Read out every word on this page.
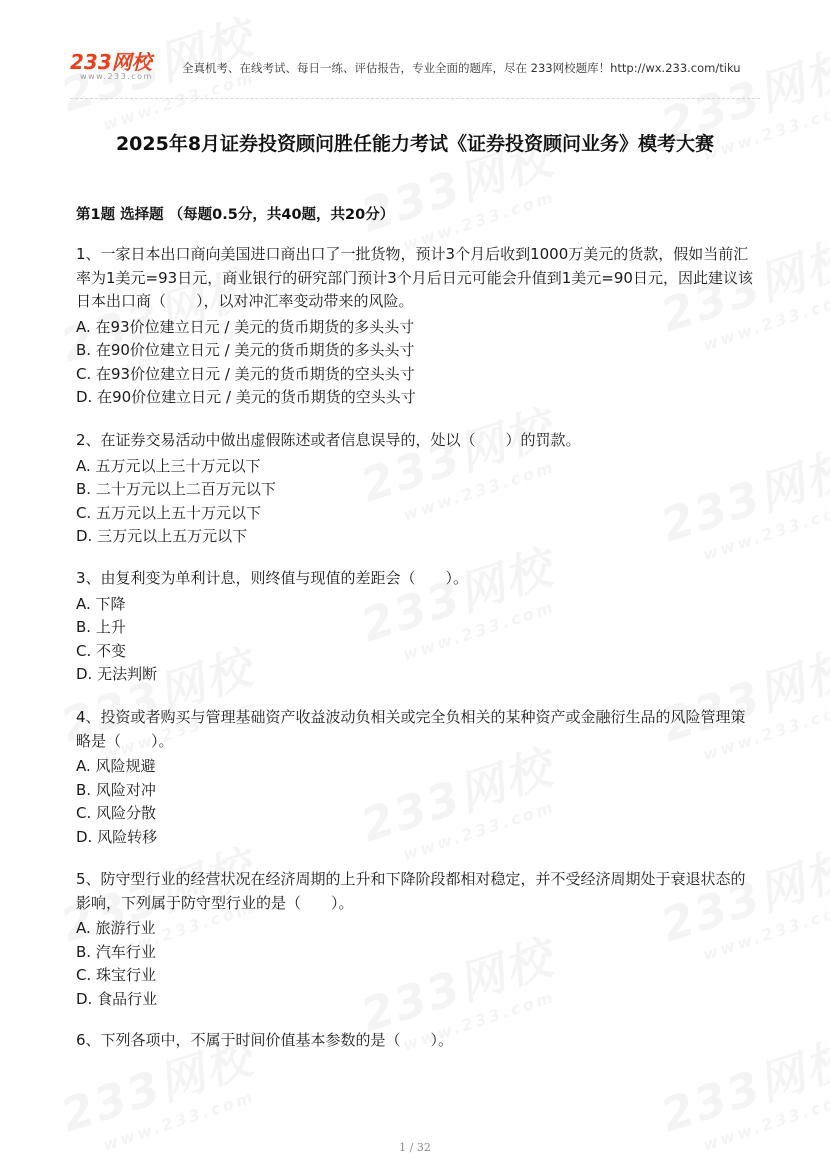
233网校
www.233.com
全真机考、在线考试、每日一练、评估报告，专业全面的题库，尽在 233网校题库！http://wx.233.com/tiku
2025年8月证券投资顾问胜任能力考试《证券投资顾问业务》模考大赛
第1题 选择题 （每题0.5分，共40题，共20分）
1、一家日本出口商向美国进口商出口了一批货物，预计3个月后收到1000万美元的货款，假如当前汇率为1美元=93日元，商业银行的研究部门预计3个月后日元可能会升值到1美元=90日元，因此建议该日本出口商（　　），以对冲汇率变动带来的风险。
A. 在93价位建立日元 / 美元的货币期货的多头头寸
B. 在90价位建立日元 / 美元的货币期货的多头头寸
C. 在93价位建立日元 / 美元的货币期货的空头头寸
D. 在90价位建立日元 / 美元的货币期货的空头头寸
2、在证券交易活动中做出虚假陈述或者信息误导的，处以（　　）的罚款。
A. 五万元以上三十万元以下
B. 二十万元以上二百万元以下
C. 五万元以上五十万元以下
D. 三万元以上五万元以下
3、由复利变为单利计息，则终值与现值的差距会（　　）。
A. 下降
B. 上升
C. 不变
D. 无法判断
4、投资或者购买与管理基础资产收益波动负相关或完全负相关的某种资产或金融衍生品的风险管理策略是（　　）。
A. 风险规避
B. 风险对冲
C. 风险分散
D. 风险转移
5、防守型行业的经营状况在经济周期的上升和下降阶段都相对稳定，并不受经济周期处于衰退状态的影响，下列属于防守型行业的是（　　）。
A. 旅游行业
B. 汽车行业
C. 珠宝行业
D. 食品行业
6、下列各项中，不属于时间价值基本参数的是（　　）。
1 / 32
